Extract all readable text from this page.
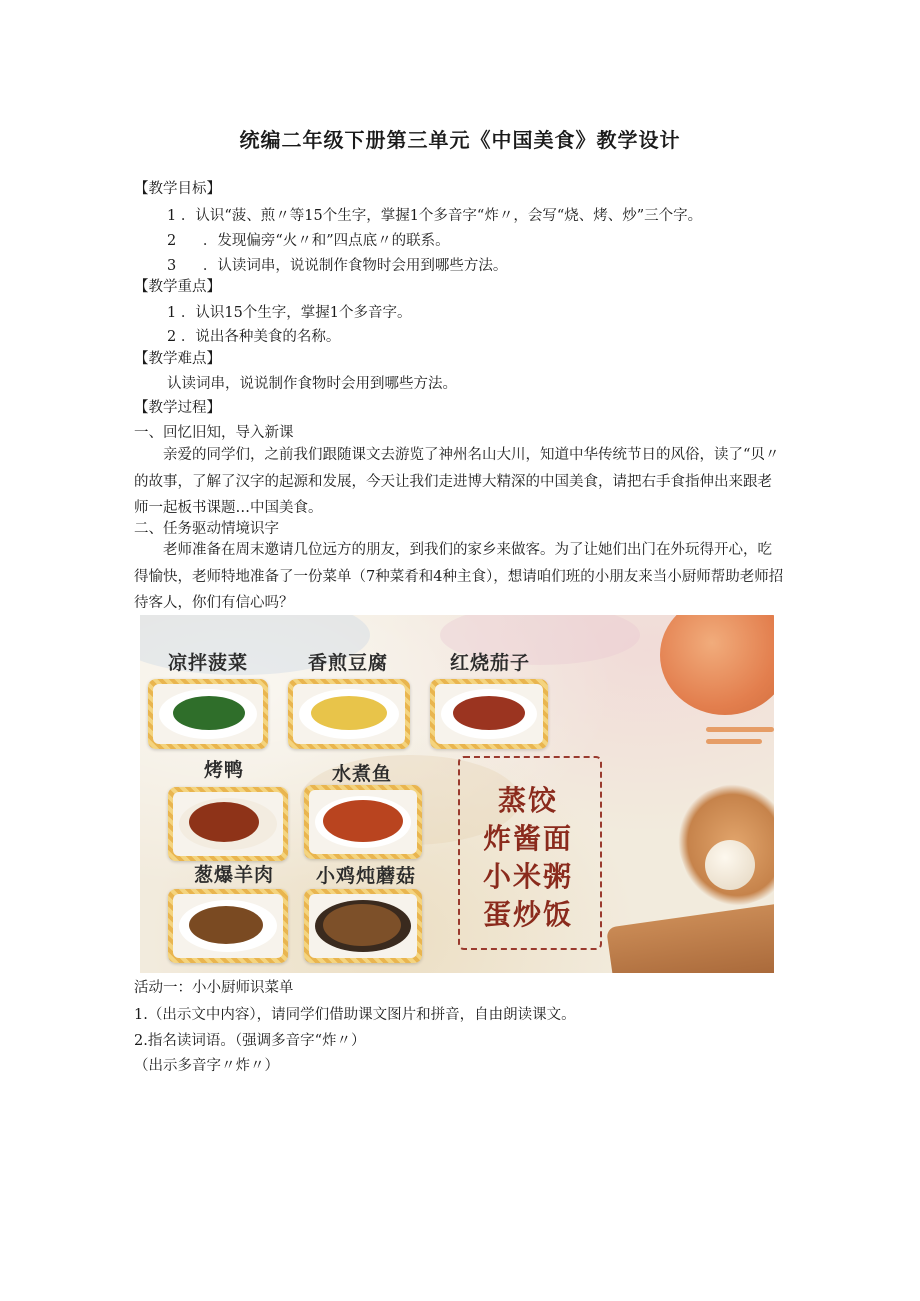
统编二年级下册第三单元《中国美食》教学设计
【教学目标】
1 ．认识“菠、煎〃等15个生字，掌握1个多音字“炸〃，会写“烧、烤、炒”三个字。
2 ．发现偏旁“火〃和”四点底〃的联系。
3 ．认读词串，说说制作食物时会用到哪些方法。
【教学重点】
1 ．认识15个生字，掌握1个多音字。
2 ．说出各种美食的名称。
【教学难点】
认读词串，说说制作食物时会用到哪些方法。
【教学过程】
一、回忆旧知，导入新课
亲爱的同学们，之前我们跟随课文去游览了神州名山大川，知道中华传统节日的风俗，读了“贝〃的故事，了解了汉字的起源和发展，今天让我们走进博大精深的中国美食，请把右手食指伸出来跟老师一起板书课题…中国美食。
二、任务驱动情境识字
老师准备在周末邀请几位远方的朋友，到我们的家乡来做客。为了让她们出门在外玩得开心，吃得愉快，老师特地准备了一份菜单（7种菜肴和4种主食），想请咱们班的小朋友来当小厨师帮助老师招待客人，你们有信心吗？
凉拌菠菜	香煎豆腐	红烧茄子
烤鸭	水煮鱼
葱爆羊肉 小鸡炖蘑菇
蒸饺
炸酱面
小米粥
蛋炒饭
活动一：小小厨师识菜单
1.（出示文中内容），请同学们借助课文图片和拼音，自由朗读课文。
2.指名读词语。（强调多音字“炸〃）
（出示多音字〃炸〃）
